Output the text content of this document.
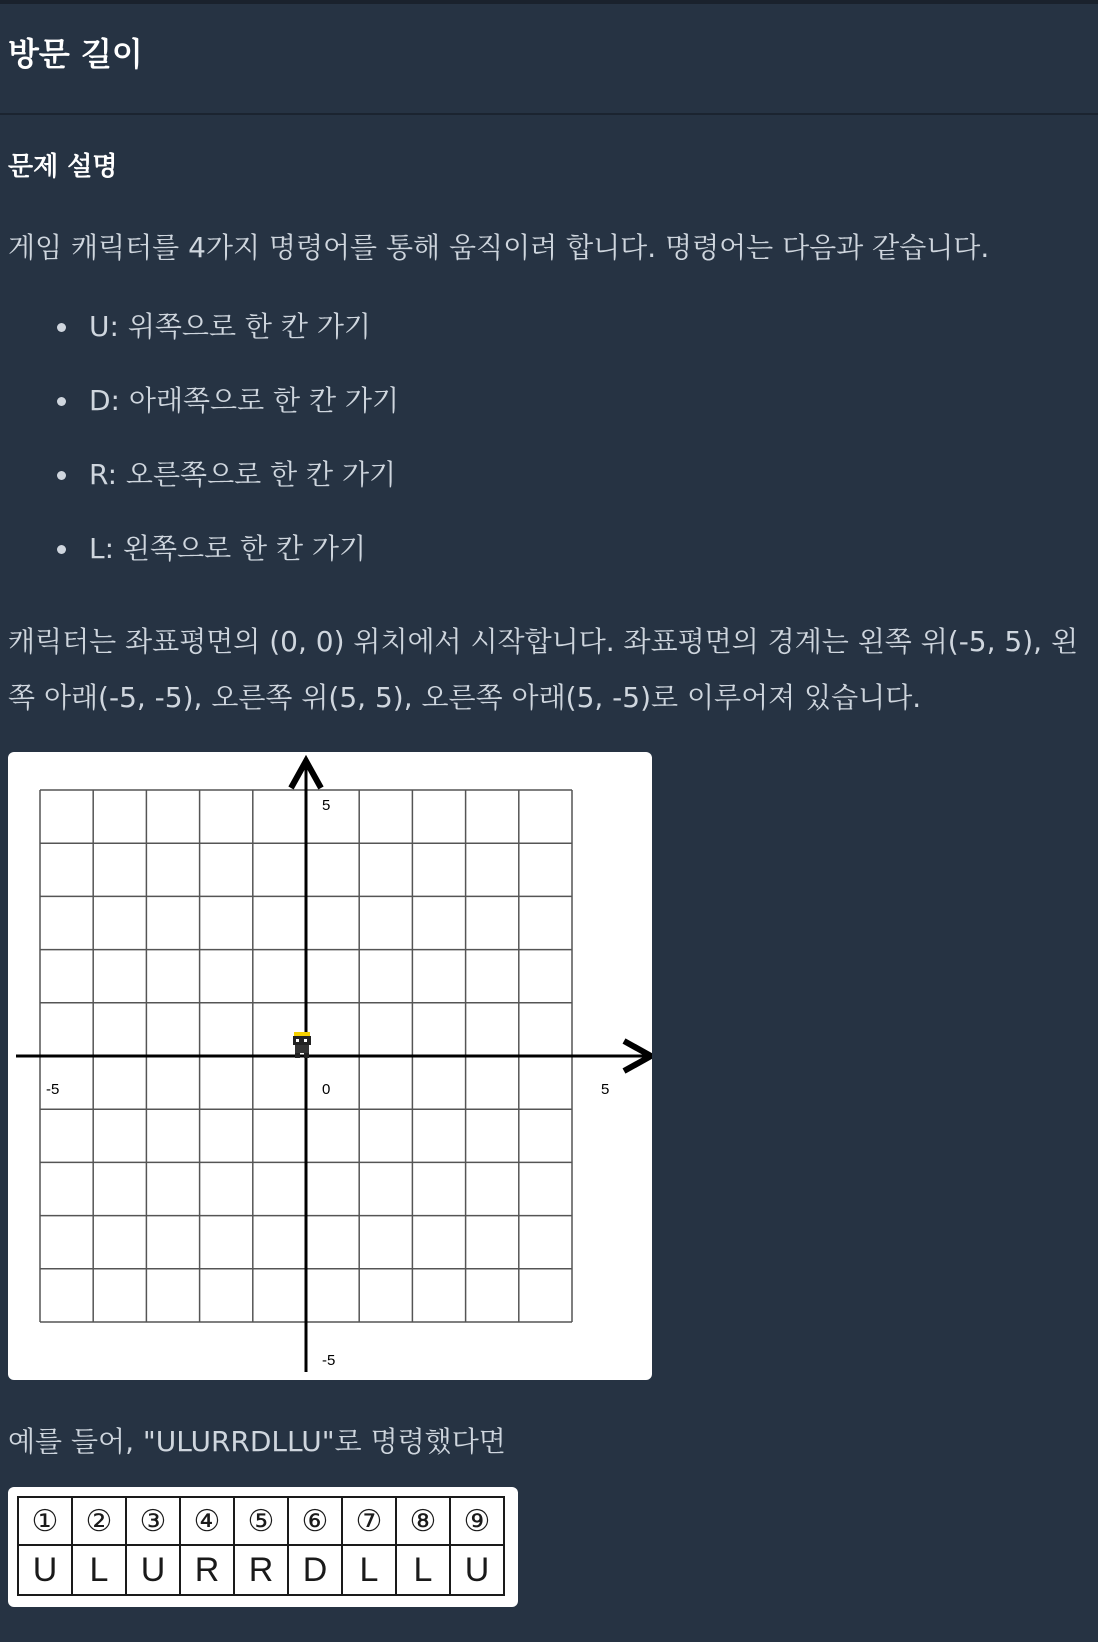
방문 길이
문제 설명

게임 캐릭터를 4가지 명령어를 통해 움직이려 합니다. 명령어는 다음과 같습니다.

U: 위쪽으로 한 칸 가기
D: 아래쪽으로 한 칸 가기
R: 오른쪽으로 한 칸 가기
L: 왼쪽으로 한 칸 가기

캐릭터는 좌표평면의 (0, 0) 위치에서 시작합니다. 좌표평면의 경계는 왼쪽 위(-5, 5), 왼쪽 아래(-5, -5), 오른쪽 위(5, 5), 오른쪽 아래(5, -5)로 이루어져 있습니다.

-5	5
5
-5
0

예를 들어, "ULURRDLLU"로 명령했다면

①	②	③	④	⑤	⑥	⑦	⑧	⑨
U	L	U	R	R	D	L	L	U
